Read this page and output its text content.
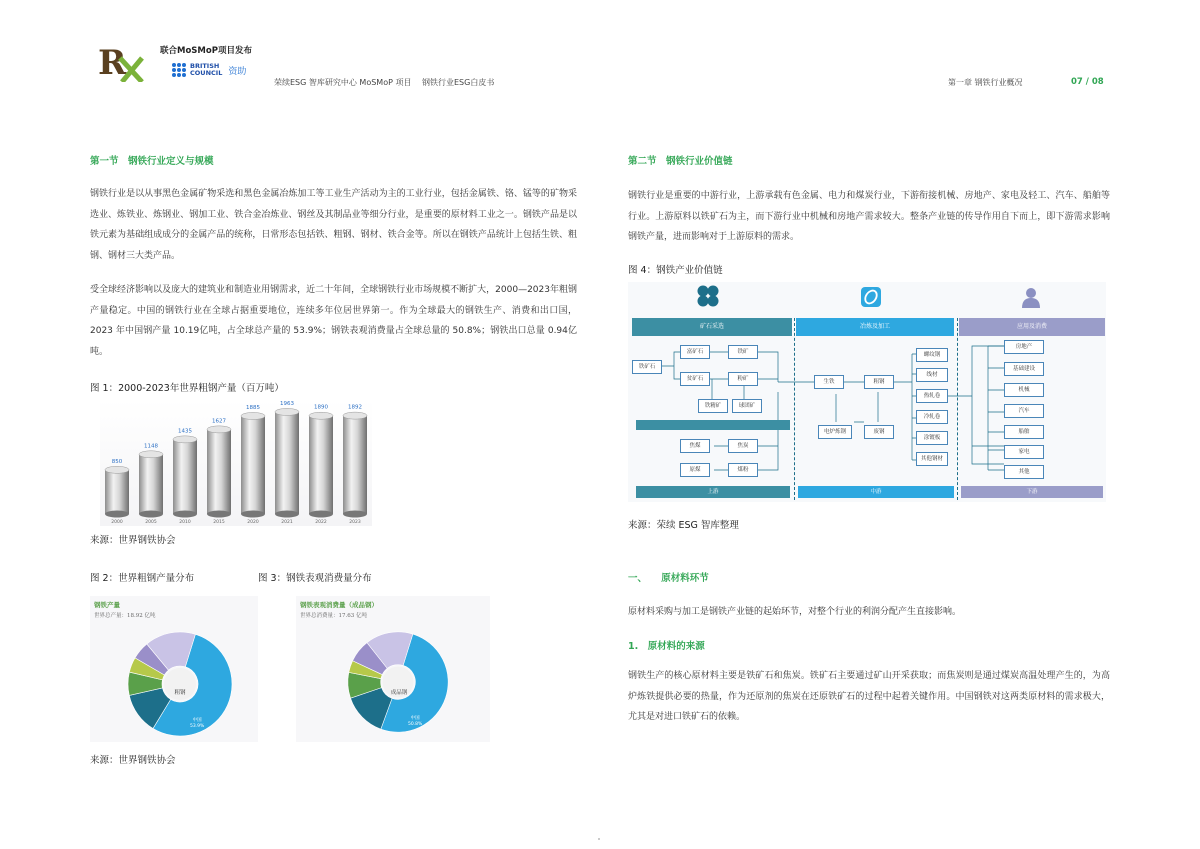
R	联合MoSMoP项目发布
BRITISH
COUNCIL 资助
荣续ESG 智库研究中心 MoSMoP 项目　 钢铁行业ESG白皮书	第一章 钢铁行业概况	07 / 08
第一节　钢铁行业定义与规模
钢铁行业是以从事黑色金属矿物采选和黑色金属冶炼加工等工业生产活动为主的工业行业，包括金属铁、铬、锰等的矿物采选业、炼铁业、炼钢业、钢加工业、铁合金冶炼业、钢丝及其制品业等细分行业，是重要的原材料工业之一。钢铁产品是以铁元素为基础组成成分的金属产品的统称，日常形态包括铁、粗钢、钢材、铁合金等。所以在钢铁产品统计上包括生铁、粗钢、钢材三大类产品。
受全球经济影响以及庞大的建筑业和制造业用钢需求，近二十年间，全球钢铁行业市场规模不断扩大，2000—2023年粗钢产量稳定。中国的钢铁行业在全球占据重要地位，连续多年位居世界第一。作为全球最大的钢铁生产、消费和出口国，2023 年中国钢产量 10.19亿吨，占全球总产量的 53.9%；钢铁表观消费量占全球总量的 50.8%；钢铁出口总量 0.94亿吨。
图 1：2000-2023年世界粗钢产量（百万吨）
850
2000
1148
2005
1435
2010
1627
2015
1885
2020
1963
2021
1890
2022
1892
2023
来源：世界钢铁协会
图 2：世界粗钢产量分布	图 3：钢铁表观消费量分布
钢铁产量
世界总产量：18.92 亿吨
粗钢
中国
53.9%
钢铁表观消费量（成品钢）
世界总消费量：17.63 亿吨
成品钢
中国
50.8%
来源：世界钢铁协会
第二节　钢铁行业价值链
钢铁行业是重要的中游行业，上游承载有色金属、电力和煤炭行业，下游衔接机械、房地产、家电及轻工、汽车、船舶等行业。上游原料以铁矿石为主，而下游行业中机械和房地产需求较大。整条产业链的传导作用自下而上，即下游需求影响钢铁产量，进而影响对于上游原料的需求。
图 4：钢铁产业价值链
矿石采选	冶炼及加工	应用及消费
铁矿石
富矿石
贫矿石
铁矿
粉矿
铁精矿	球团矿
焦煤	焦炭
原煤	煤粉
生铁	粗钢
电炉炼钢	废钢
螺纹钢
线材
热轧卷
冷轧卷
涂镀板
其他钢材
房地产
基础建设
机械
汽车
船舶
家电
其他
上游	中游	下游
来源：荣续 ESG 智库整理
一、　　原材料环节
原材料采购与加工是钢铁产业链的起始环节，对整个行业的利润分配产生直接影响。
1.　原材料的来源
钢铁生产的核心原材料主要是铁矿石和焦炭。铁矿石主要通过矿山开采获取；而焦炭则是通过煤炭高温处理产生的，为高炉炼铁提供必要的热量，作为还原剂的焦炭在还原铁矿石的过程中起着关键作用。中国钢铁对这两类原材料的需求极大，尤其是对进口铁矿石的依赖。
